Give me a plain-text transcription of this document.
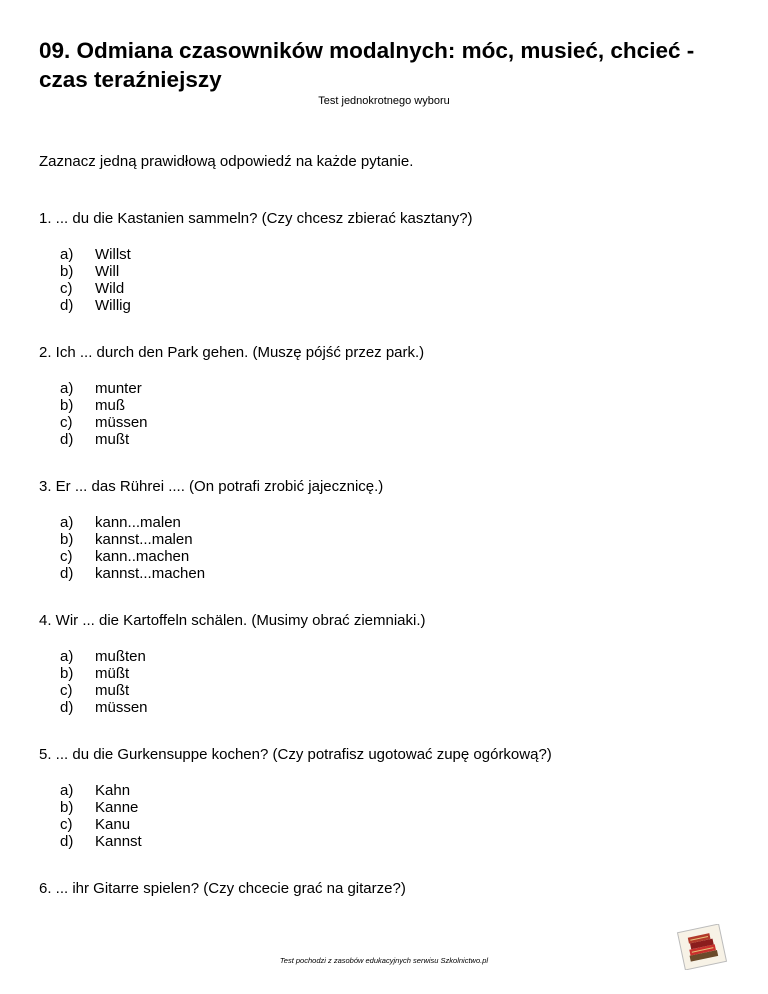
09. Odmiana czasowników modalnych: móc, musieć, chcieć - czas teraźniejszy
Test jednokrotnego wyboru
Zaznacz jedną prawidłową odpowiedź na każde pytanie.

1. ... du die Kastanien sammeln? (Czy chcesz zbierać kasztany?)

a)	Willst
b)	Will
c)	Wild
d)	Willig

2. Ich ... durch den Park gehen. (Muszę pójść przez park.)

a)	munter
b)	muß
c)	müssen
d)	mußt

3. Er ... das Rührei .... (On potrafi zrobić jajecznicę.)

a)	kann...malen
b)	kannst...malen
c)	kann..machen
d)	kannst...machen

4. Wir ... die Kartoffeln schälen. (Musimy obrać ziemniaki.)

a)	mußten
b)	müßt
c)	mußt
d)	müssen

5. ... du die Gurkensuppe kochen? (Czy potrafisz ugotować zupę ogórkową?)

a)	Kahn
b)	Kanne
c)	Kanu
d)	Kannst

6. ... ihr Gitarre spielen? (Czy chcecie grać na gitarze?)

Test pochodzi z zasobów edukacyjnych serwisu Szkolnictwo.pl
